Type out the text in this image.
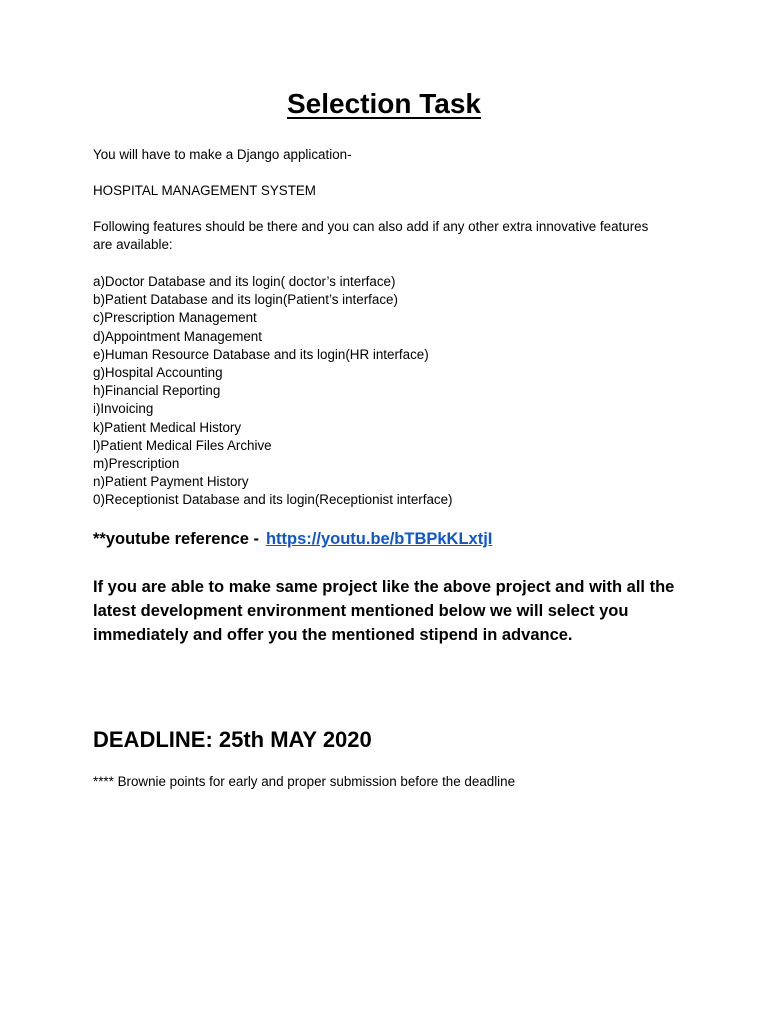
Selection Task

You will have to make a Django application-

HOSPITAL MANAGEMENT SYSTEM

Following features should be there and you can also add if any other extra innovative features are available:

a)Doctor Database and its login( doctor’s interface)
b)Patient Database and its login(Patient’s interface)
c)Prescription Management
d)Appointment Management
e)Human Resource Database and its login(HR interface)
g)Hospital Accounting
h)Financial Reporting
i)Invoicing
k)Patient Medical History
l)Patient Medical Files Archive
m)Prescription
n)Patient Payment History
0)Receptionist Database and its login(Receptionist interface)
**youtube reference - https://youtu.be/bTBPkKLxtjI

If you are able to make same project like the above project and with all the latest development environment mentioned below we will select you immediately and offer you the mentioned stipend in advance.

DEADLINE: 25th MAY 2020

**** Brownie points for early and proper submission before the deadline
